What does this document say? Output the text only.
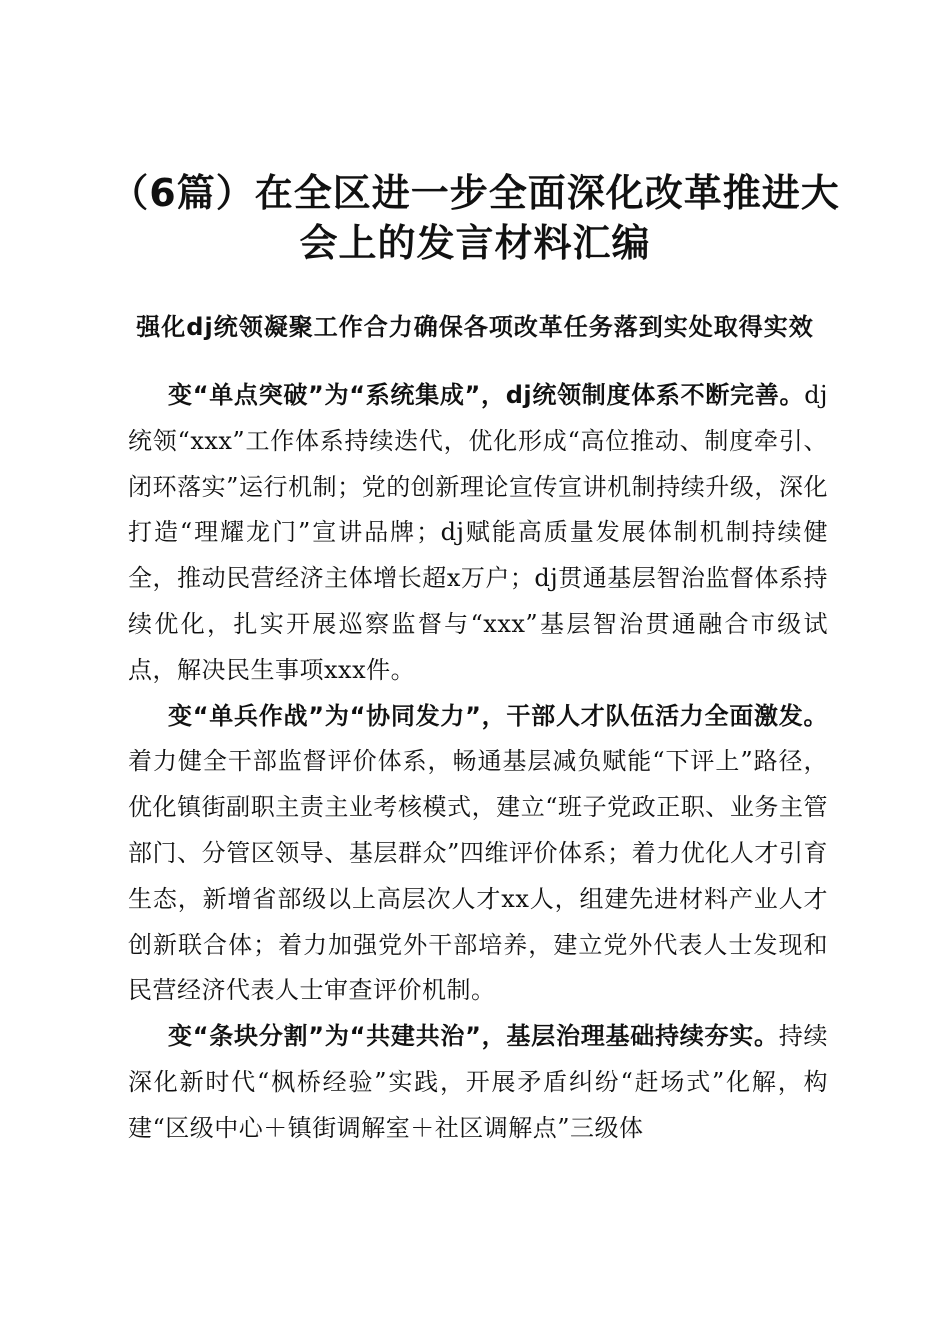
（6篇）在全区进一步全面深化改革推进大会上的发言材料汇编
强化dj统领凝聚工作合力确保各项改革任务落到实处取得实效

变“单点突破”为“系统集成”，dj统领制度体系不断完善。dj统领“xxx”工作体系持续迭代，优化形成“高位推动、制度牵引、闭环落实”运行机制；党的创新理论宣传宣讲机制持续升级，深化打造“理耀龙门”宣讲品牌；dj赋能高质量发展体制机制持续健全，推动民营经济主体增长超x万户；dj贯通基层智治监督体系持续优化，扎实开展巡察监督与“xxx”基层智治贯通融合市级试点，解决民生事项xxx件。

变“单兵作战”为“协同发力”，干部人才队伍活力全面激发。着力健全干部监督评价体系，畅通基层减负赋能“下评上”路径，优化镇街副职主责主业考核模式，建立“班子党政正职、业务主管部门、分管区领导、基层群众”四维评价体系；着力优化人才引育生态，新增省部级以上高层次人才xx人，组建先进材料产业人才创新联合体；着力加强党外干部培养，建立党外代表人士发现和民营经济代表人士审查评价机制。

变“条块分割”为“共建共治”，基层治理基础持续夯实。持续深化新时代“枫桥经验”实践，开展矛盾纠纷“赶场式”化解，构建“区级中心＋镇街调解室＋社区调解点”三级体
